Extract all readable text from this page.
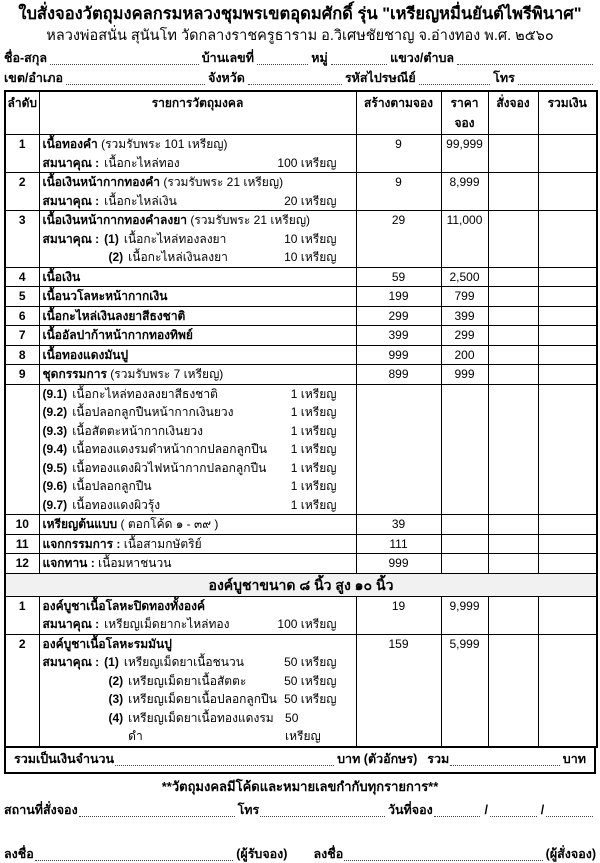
ใบสั่งจองวัตถุมงคลกรมหลวงชุมพรเขตอุดมศักดิ์ รุ่น "เหรียญหมื่นยันต์ไพรีพินาศ"
หลวงพ่อสนั่น สุนันโท วัดกลางราชครูธาราม อ.วิเศษชัยชาญ จ.อ่างทอง พ.ศ. ๒๕๖๐
ชื่อ-สกุล	บ้านเลขที่	หมู่	แขวง/ตำบล
เขต/อำเภอ	จังหวัด	รหัสไปรษณีย์	โทร
ลำดับ	รายการวัตถุมงคล	สร้างตามจอง	ราคาจอง	สั่งจอง	รวมเงิน
1	เนื้อทองคำ (รวมรับพระ 101 เหรียญ)
สมนาคุณ : เนื้อกะไหล่ทอง 100 เหรียญ	9	99,999		
2	เนื้อเงินหน้ากากทองคำ (รวมรับพระ 21 เหรียญ)
สมนาคุณ : เนื้อกะไหล่เงิน 20 เหรียญ	9	8,999		
3	เนื้อเงินหน้ากากทองคำลงยา (รวมรับพระ 21 เหรียญ)
สมนาคุณ : (1) เนื้อกะไหล่ทองลงยา	10 เหรียญ
(2) เนื้อกะไหล่เงินลงยา	10 เหรียญ
	29	11,000		
4	เนื้อเงิน	59	2,500		
5	เนื้อนวโลหะหน้ากากเงิน	199	799		
6	เนื้อกะไหล่เงินลงยาสีธงชาติ	299	399		
7	เนื้ออัลปาก้าหน้ากากทองทิพย์	399	299		
8	เนื้อทองแดงมันปู	999	200		
9	ชุดกรรมการ (รวมรับพระ 7 เหรียญ)	899	999		

(9.1) เนื้อกะไหล่ทองลงยาสีธงชาติ	1 เหรียญ
(9.2) เนื้อปลอกลูกปืนหน้ากากเงินยวง	1 เหรียญ
(9.3) เนื้อสัตตะหน้ากากเงินยวง	1 เหรียญ
(9.4) เนื้อทองแดงรมดำหน้ากากปลอกลูกปืน 1 เหรียญ
(9.5) เนื้อทองแดงผิวไฟหน้ากากปลอกลูกปืน 1 เหรียญ
(9.6) เนื้อปลอกลูกปืน	1 เหรียญ
(9.7) เนื้อทองแดงผิวรุ้ง	1 เหรียญ

10	เหรียญต้นแบบ ( ตอกโค้ด ๑ - ๓๙ )	39			
11	แจกกรรมการ : เนื้อสามกษัตริย์	111			
12	แจกทาน : เนื้อมหาชนวน	999			
องค์บูชาขนาด ๘ นิ้ว สูง ๑๐ นิ้ว					
1	องค์บูชาเนื้อโลหะปิดทองทั้งองค์
สมนาคุณ : เหรียญเม็ดยากะไหล่ทอง 100 เหรียญ	19	9,999		
2	องค์บูชาเนื้อโลหะรมมันปู
สมนาคุณ : (1) เหรียญเม็ดยาเนื้อชนวน	50 เหรียญ
(2) เหรียญเม็ดยาเนื้อสัตตะ	50 เหรียญ
(3) เหรียญเม็ดยาเนื้อปลอกลูกปืน 50 เหรียญ
(4) เหรียญเม็ดยาเนื้อทองแดงรมดำ
50 เหรียญ
	159	5,999		
รวมเป็นเงินจำนวน	บาท (ตัวอักษร) รวม	บาท
**วัตถุมงคลมีโค้ดและหมายเลขกำกับทุกรายการ**
สถานที่สั่งจอง	โทร	วันที่จอง	/	/
ลงชื่อ	(ผู้รับจอง) ลงชื่อ	(ผู้สั่งจอง)
